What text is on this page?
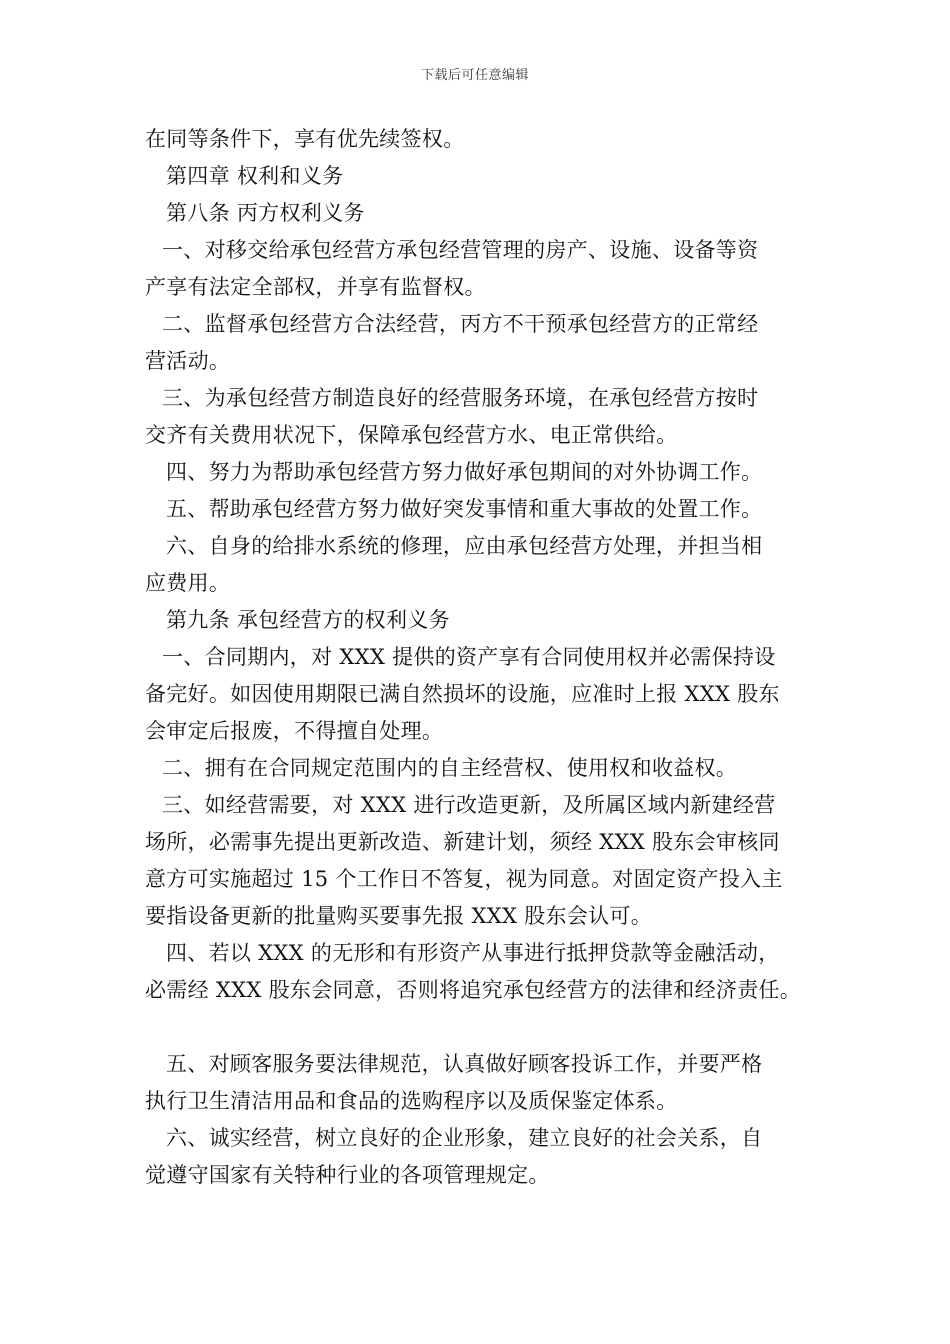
下载后可任意编辑
在同等条件下，享有优先续签权。
第四章 权利和义务
第八条 丙方权利义务
一、对移交给承包经营方承包经营管理的房产、设施、设备等资
产享有法定全部权，并享有监督权。
二、监督承包经营方合法经营，丙方不干预承包经营方的正常经
营活动。
三、为承包经营方制造良好的经营服务环境，在承包经营方按时
交齐有关费用状况下，保障承包经营方水、电正常供给。
四、努力为帮助承包经营方努力做好承包期间的对外协调工作。
五、帮助承包经营方努力做好突发事情和重大事故的处置工作。
六、自身的给排水系统的修理，应由承包经营方处理，并担当相
应费用。
第九条 承包经营方的权利义务
一、合同期内，对 XXX 提供的资产享有合同使用权并必需保持设
备完好。如因使用期限已满自然损坏的设施，应准时上报 XXX 股东
会审定后报废，不得擅自处理。
二、拥有在合同规定范围内的自主经营权、使用权和收益权。
三、如经营需要，对 XXX 进行改造更新，及所属区域内新建经营
场所，必需事先提出更新改造、新建计划，须经 XXX 股东会审核同
意方可实施超过 15 个工作日不答复，视为同意。对固定资产投入主
要指设备更新的批量购买要事先报 XXX 股东会认可。
四、若以 XXX 的无形和有形资产从事进行抵押贷款等金融活动，
必需经 XXX 股东会同意，否则将追究承包经营方的法律和经济责任。
五、对顾客服务要法律规范，认真做好顾客投诉工作，并要严格
执行卫生清洁用品和食品的选购程序以及质保鉴定体系。
六、诚实经营，树立良好的企业形象，建立良好的社会关系，自
觉遵守国家有关特种行业的各项管理规定。
